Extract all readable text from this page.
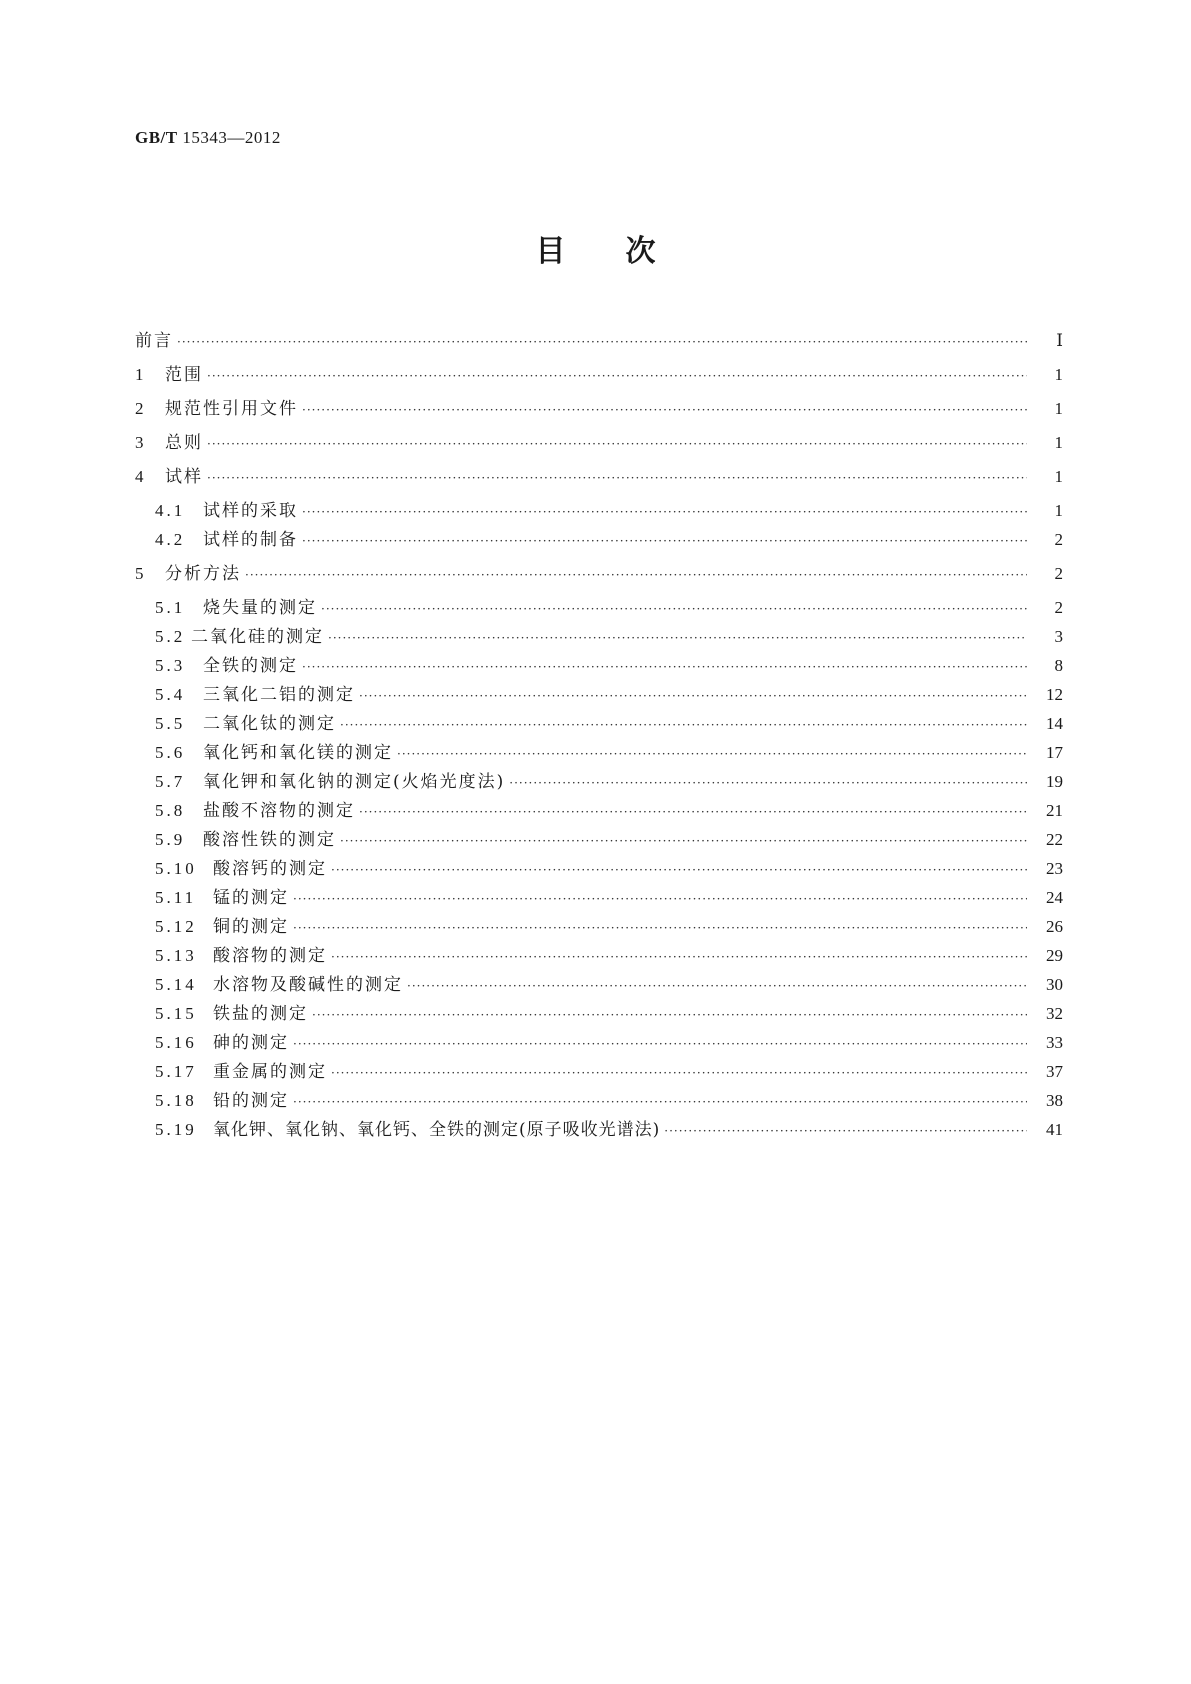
GB/T 15343—2012
目次
前言 ·····	Ⅰ
1	范围 ·····	1
2	规范性引用文件 ·····	1
3	总则 ·····	1
4	试样 ·····	1
4.1	试样的采取 ·····	1
4.2	试样的制备 ·····	2
5	分析方法 ·····	2
5.1	烧失量的测定 ·····	2
5.2 二氧化硅的测定 ·····	3
5.3	全铁的测定 ·····	8
5.4	三氧化二铝的测定 ·····	12
5.5	二氧化钛的测定 ·····	14
5.6	氧化钙和氧化镁的测定 ·····	17
5.7	氧化钾和氧化钠的测定(火焰光度法) ·····	19
5.8	盐酸不溶物的测定 ·····	21
5.9	酸溶性铁的测定 ·····	22
5.10 酸溶钙的测定 ·····	23
5.11 锰的测定 ·····	24
5.12 铜的测定 ·····	26
5.13 酸溶物的测定 ·····	29
5.14 水溶物及酸碱性的测定 ·····	30
5.15 铁盐的测定 ·····	32
5.16 砷的测定 ·····	33
5.17 重金属的测定 ·····	37
5.18 铅的测定 ·····	38
5.19 氧化钾、氧化钠、氧化钙、全铁的测定(原子吸收光谱法) ·····	41
